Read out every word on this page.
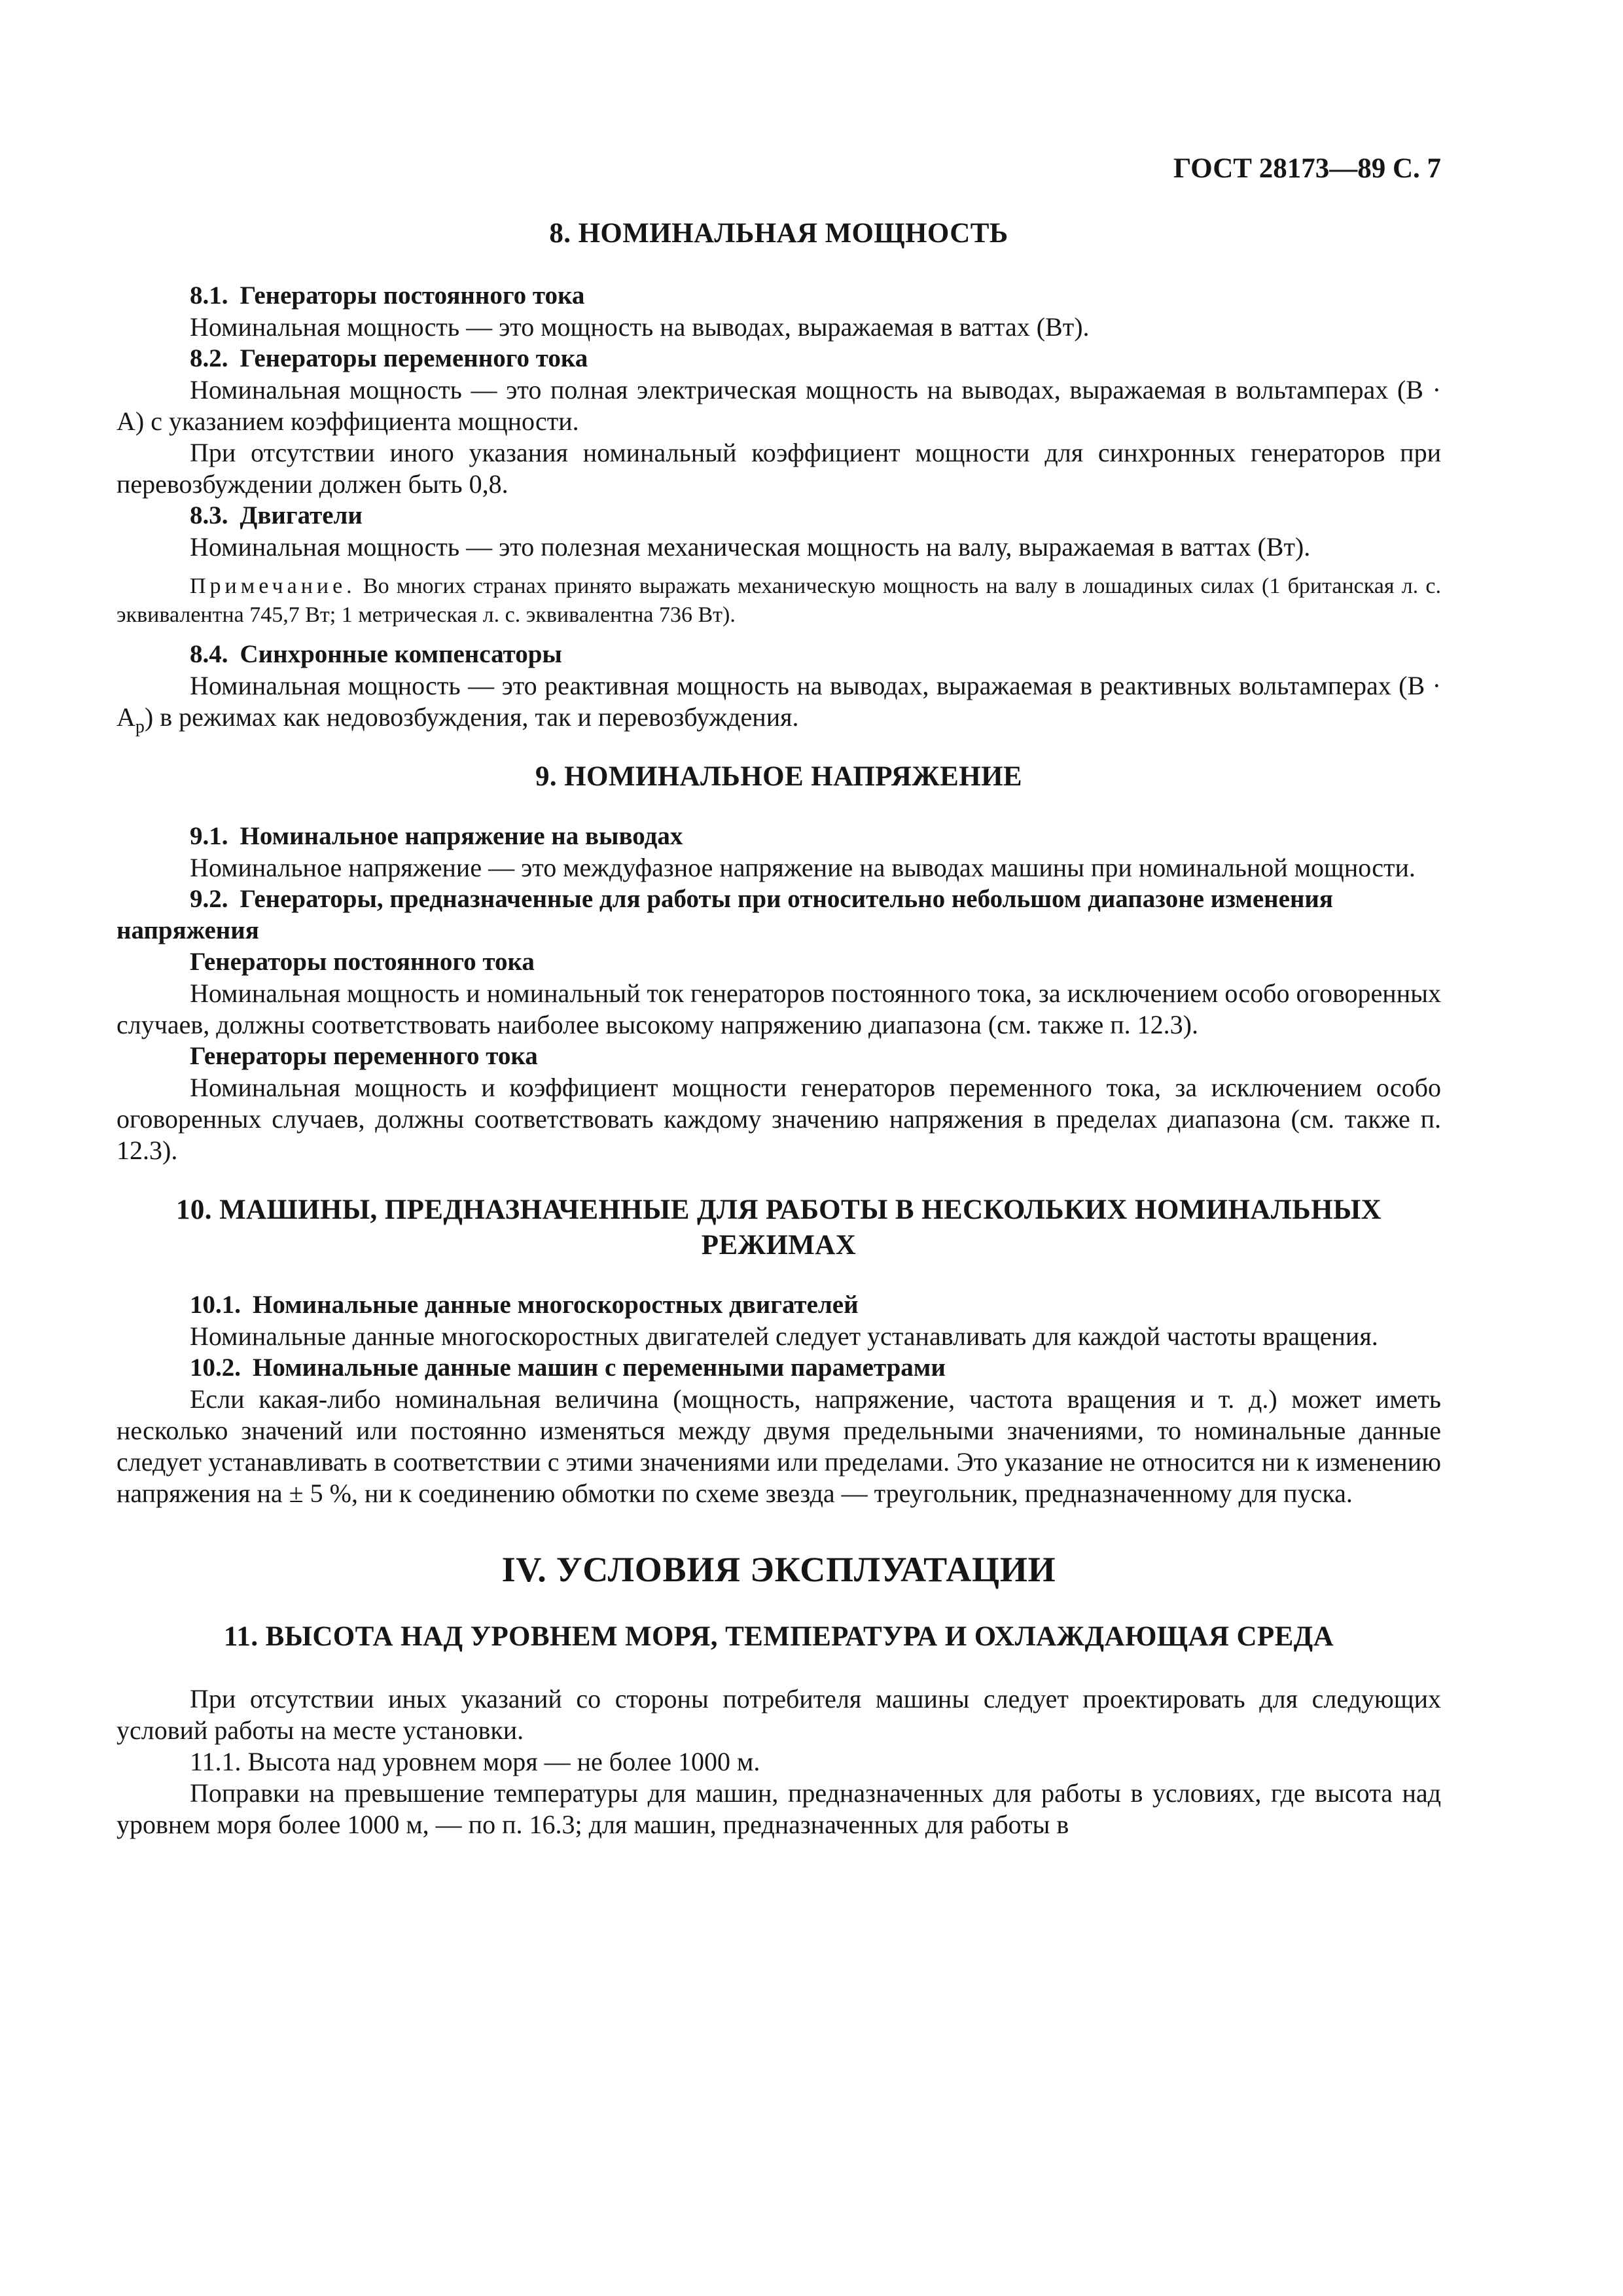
ГОСТ 28173—89 С. 7
8. НОМИНАЛЬНАЯ МОЩНОСТЬ
8.1. Генераторы постоянного тока
Номинальная мощность — это мощность на выводах, выражаемая в ваттах (Вт).
8.2. Генераторы переменного тока
Номинальная мощность — это полная электрическая мощность на выводах, выражаемая в вольтамперах (В · А) с указанием коэффициента мощности.
При отсутствии иного указания номинальный коэффициент мощности для синхронных генераторов при перевозбуждении должен быть 0,8.
8.3. Двигатели
Номинальная мощность — это полезная механическая мощность на валу, выражаемая в ваттах (Вт).
Примечание. Во многих странах принято выражать механическую мощность на валу в лошадиных силах (1 британская л. с. эквивалентна 745,7 Вт; 1 метрическая л. с. эквивалентна 736 Вт).
8.4. Синхронные компенсаторы
Номинальная мощность — это реактивная мощность на выводах, выражаемая в реактивных вольтамперах $(В \cdot А_р)$ в режимах как недовозбуждения, так и перевозбуждения.
9. НОМИНАЛЬНОЕ НАПРЯЖЕНИЕ
9.1. Номинальное напряжение на выводах
Номинальное напряжение — это междуфазное напряжение на выводах машины при номинальной мощности.
9.2. Генераторы, предназначенные для работы при относительно небольшом диапазоне изменения напряжения
Генераторы постоянного тока
Номинальная мощность и номинальный ток генераторов постоянного тока, за исключением особо оговоренных случаев, должны соответствовать наиболее высокому напряжению диапазона (см. также п. 12.3).
Генераторы переменного тока
Номинальная мощность и коэффициент мощности генераторов переменного тока, за исключением особо оговоренных случаев, должны соответствовать каждому значению напряжения в пределах диапазона (см. также п. 12.3).
10. МАШИНЫ, ПРЕДНАЗНАЧЕННЫЕ ДЛЯ РАБОТЫ В НЕСКОЛЬКИХ НОМИНАЛЬНЫХ РЕЖИМАХ
10.1. Номинальные данные многоскоростных двигателей
Номинальные данные многоскоростных двигателей следует устанавливать для каждой частоты вращения.
10.2. Номинальные данные машин с переменными параметрами
Если какая-либо номинальная величина (мощность, напряжение, частота вращения и т. д.) может иметь несколько значений или постоянно изменяться между двумя предельными значениями, то номинальные данные следует устанавливать в соответствии с этими значениями или пределами. Это указание не относится ни к изменению напряжения на ± 5 %, ни к соединению обмотки по схеме звезда — треугольник, предназначенному для пуска.
IV. УСЛОВИЯ ЭКСПЛУАТАЦИИ
11. ВЫСОТА НАД УРОВНЕМ МОРЯ, ТЕМПЕРАТУРА И ОХЛАЖДАЮЩАЯ СРЕДА
При отсутствии иных указаний со стороны потребителя машины следует проектировать для следующих условий работы на месте установки.
11.1. Высота над уровнем моря — не более 1000 м.
Поправки на превышение температуры для машин, предназначенных для работы в условиях, где высота над уровнем моря более 1000 м, — по п. 16.3; для машин, предназначенных для работы в
